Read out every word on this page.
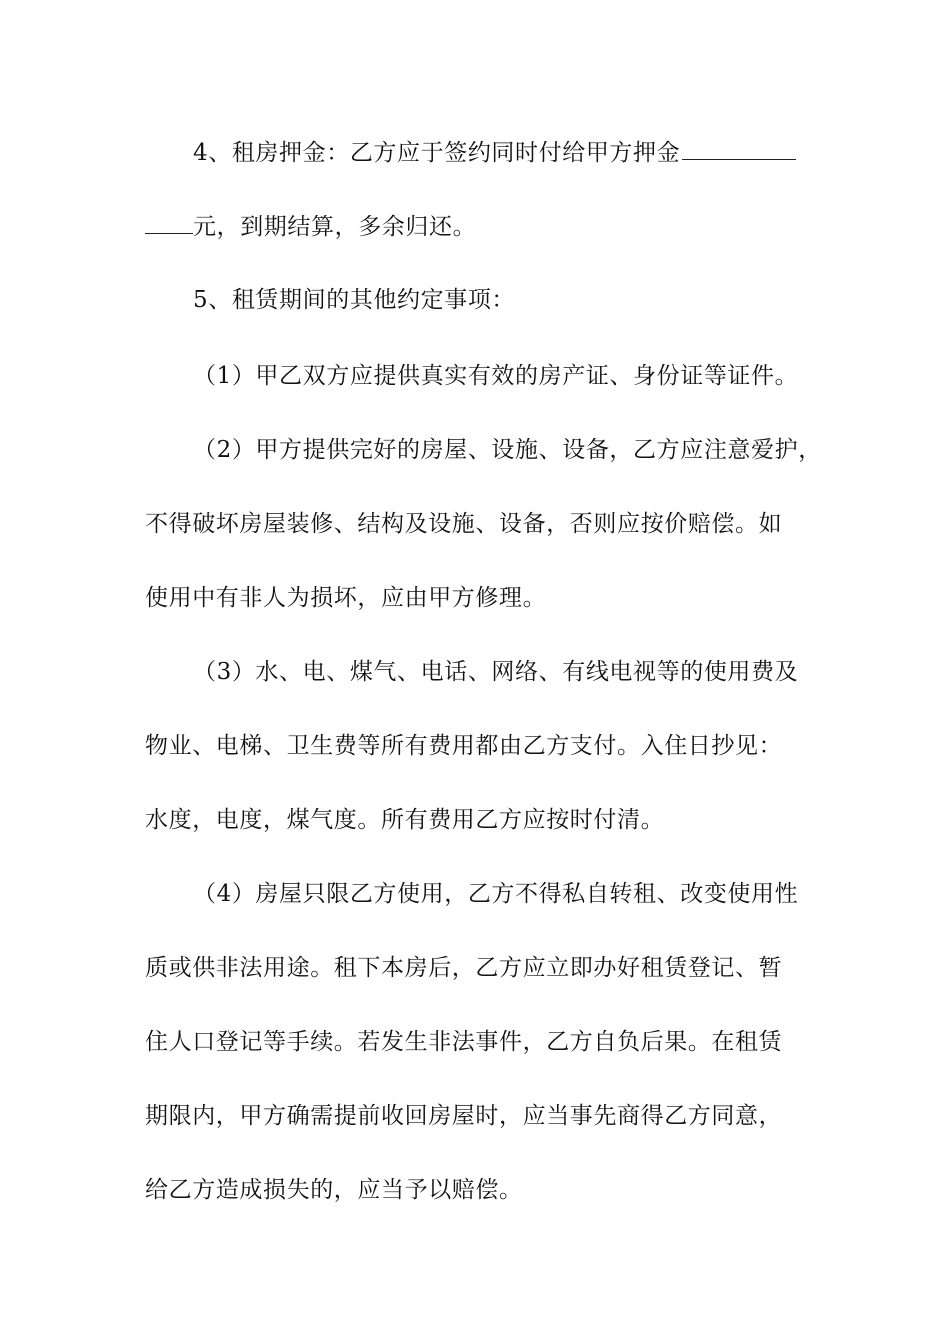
4、租房押金：乙方应于签约同时付给甲方押金
元，到期结算，多余归还。
5、租赁期间的其他约定事项：
（1）甲乙双方应提供真实有效的房产证、身份证等证件。
（2）甲方提供完好的房屋、设施、设备，乙方应注意爱护，
不得破坏房屋装修、结构及设施、设备，否则应按价赔偿。如
使用中有非人为损坏，应由甲方修理。
（3）水、电、煤气、电话、网络、有线电视等的使用费及
物业、电梯、卫生费等所有费用都由乙方支付。入住日抄见：
水度，电度，煤气度。所有费用乙方应按时付清。
（4）房屋只限乙方使用，乙方不得私自转租、改变使用性
质或供非法用途。租下本房后，乙方应立即办好租赁登记、暂
住人口登记等手续。若发生非法事件，乙方自负后果。在租赁
期限内，甲方确需提前收回房屋时，应当事先商得乙方同意，
给乙方造成损失的，应当予以赔偿。
